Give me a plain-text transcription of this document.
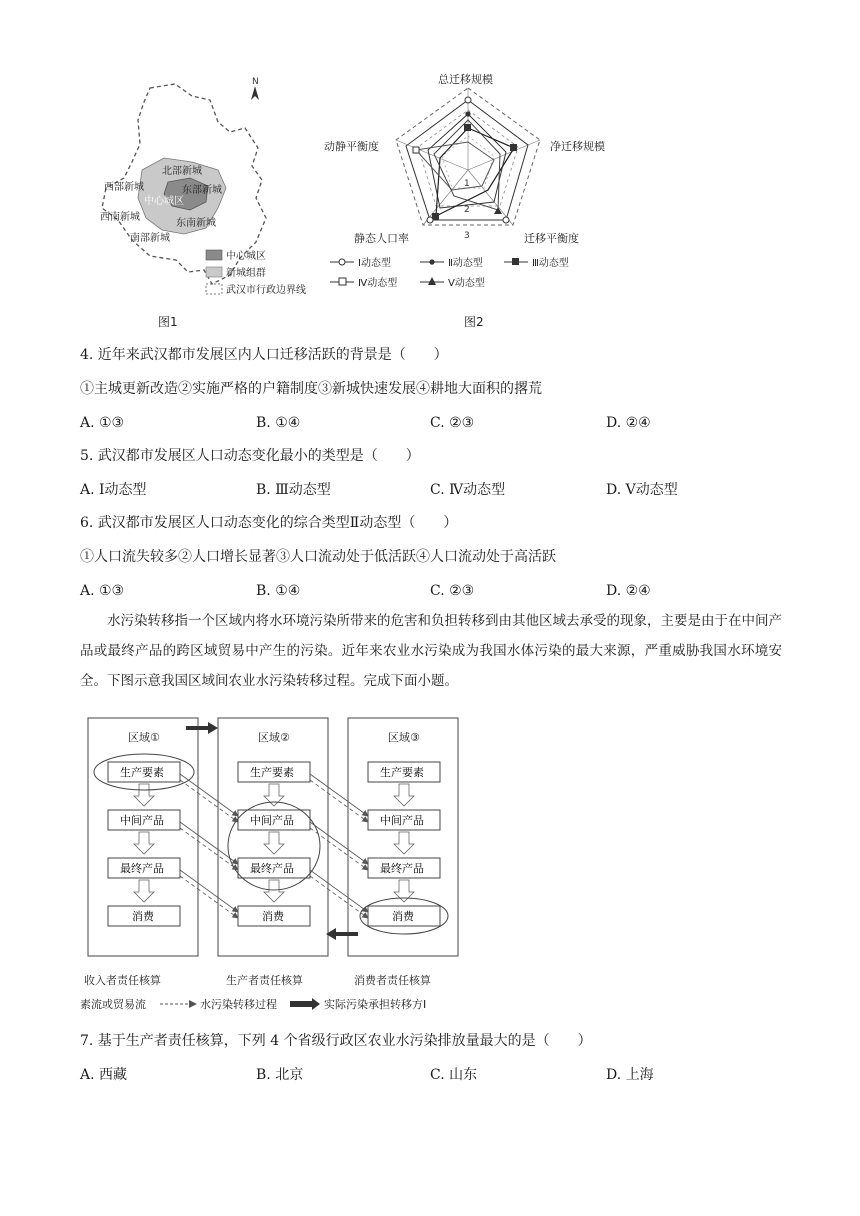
N
北部新城
西部新城	东部新城
中心城区
西南新城
东南新城
南部新城
中心城区
新城组群
武汉市行政边界线
图1
1
2
3
总迁移规模
净迁移规模
迁移平衡度
静态人口率
动静平衡度
Ⅰ动态型	Ⅱ动态型	Ⅲ动态型
Ⅳ动态型	Ⅴ动态型
图2
4. 近年来武汉都市发展区内人口迁移活跃的背景是（　　）
①主城更新改造②实施严格的户籍制度③新城快速发展④耕地大面积的撂荒
A. ①③	B. ①④	C. ②③	D. ②④
5. 武汉都市发展区人口动态变化最小的类型是（　　）
A. Ⅰ动态型	B. Ⅲ动态型	C. Ⅳ动态型	D. Ⅴ动态型
6. 武汉都市发展区人口动态变化的综合类型Ⅱ动态型（　　）
①人口流失较多②人口增长显著③人口流动处于低活跃④人口流动处于高活跃
A. ①③	B. ①④	C. ②③	D. ②④
水污染转移指一个区域内将水环境污染所带来的危害和负担转移到由其他区域去承受的现象，主要是由于在中间产品或最终产品的跨区域贸易中产生的污染。近年来农业水污染成为我国水体污染的最大来源，严重威胁我国水环境安全。下图示意我国区域间农业水污染转移过程。完成下面小题。
区域①	区域②	区域③
生产要素
中间产品
最终产品
消费
生产要素
中间产品
最终产品
消费
生产要素
中间产品
最终产品
消费
收入者责任核算	生产者责任核算	消费者责任核算
素流或贸易流	水污染转移过程	实际污染承担转移方Ⅰ
7. 基于生产者责任核算，下列 4 个省级行政区农业水污染排放量最大的是（　　）
A. 西藏	B. 北京	C. 山东	D. 上海
